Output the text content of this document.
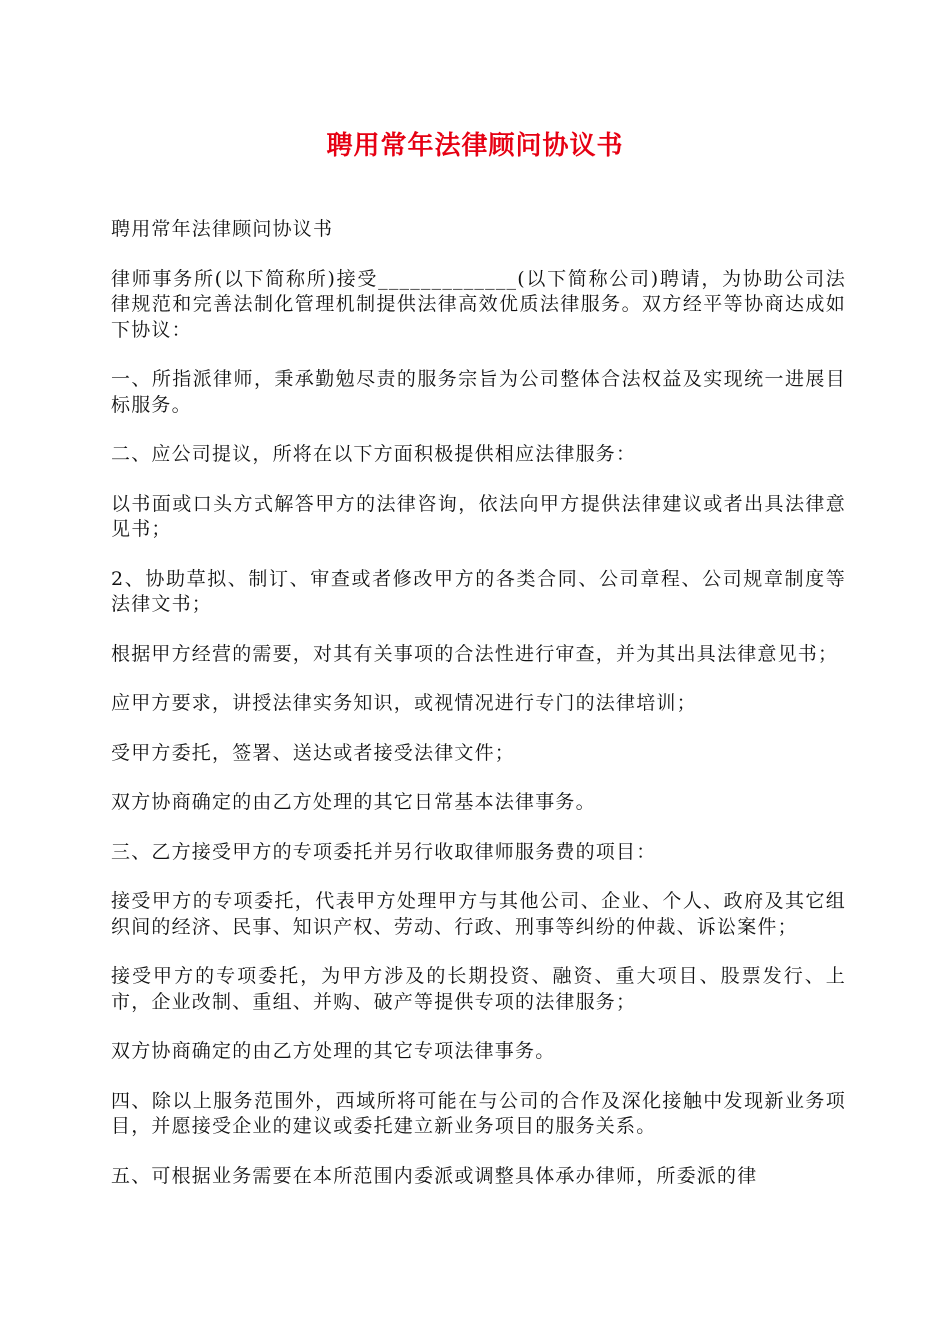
聘用常年法律顾问协议书

聘用常年法律顾问协议书

律师事务所(以下简称所)接受_____________(以下简称公司)聘请，为协助公司法律规范和完善法制化管理机制提供法律高效优质法律服务。双方经平等协商达成如下协议：

一、所指派律师，秉承勤勉尽责的服务宗旨为公司整体合法权益及实现统一进展目标服务。

二、应公司提议，所将在以下方面积极提供相应法律服务：

以书面或口头方式解答甲方的法律咨询，依法向甲方提供法律建议或者出具法律意见书；

2、协助草拟、制订、审查或者修改甲方的各类合同、公司章程、公司规章制度等法律文书；

根据甲方经营的需要，对其有关事项的合法性进行审查，并为其出具法律意见书；

应甲方要求，讲授法律实务知识，或视情况进行专门的法律培训；

受甲方委托，签署、送达或者接受法律文件；

双方协商确定的由乙方处理的其它日常基本法律事务。

三、乙方接受甲方的专项委托并另行收取律师服务费的项目：

接受甲方的专项委托，代表甲方处理甲方与其他公司、企业、个人、政府及其它组织间的经济、民事、知识产权、劳动、行政、刑事等纠纷的仲裁、诉讼案件；

接受甲方的专项委托，为甲方涉及的长期投资、融资、重大项目、股票发行、上市，企业改制、重组、并购、破产等提供专项的法律服务；

双方协商确定的由乙方处理的其它专项法律事务。

四、除以上服务范围外，西域所将可能在与公司的合作及深化接触中发现新业务项目，并愿接受企业的建议或委托建立新业务项目的服务关系。

五、可根据业务需要在本所范围内委派或调整具体承办律师，所委派的律
